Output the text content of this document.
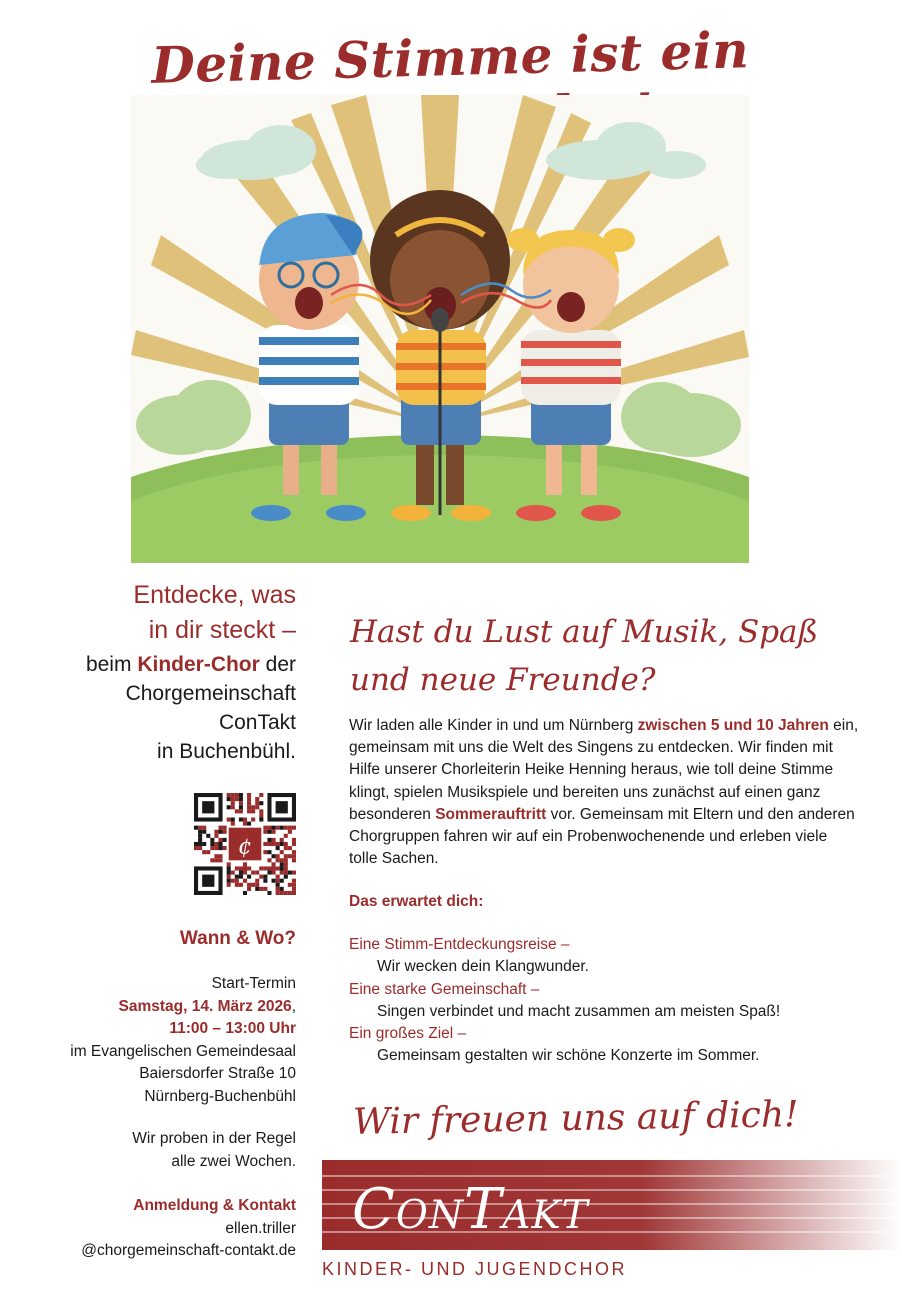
Deine Stimme ist ein
Entdecke, was
in dir steckt –
beim Kinder-Chor der
Chorgemeinschaft
ConTakt
in Buchenbühl.
¢
Wann & Wo?
Start-Termin
Samstag, 14. März 2026,
11:00 – 13:00 Uhr
im Evangelischen Gemeindesaal
Baiersdorfer Straße 10
Nürnberg-Buchenbühl
Wir proben in der Regel
alle zwei Wochen.
Anmeldung & Kontakt
ellen.triller
@chorgemeinschaft-contakt.de
Hast du Lust auf Musik, Spaß
und neue Freunde?
Wir laden alle Kinder in und um Nürnberg zwischen 5 und 10 Jahren ein, gemeinsam mit uns die Welt des Singens zu entdecken. Wir finden mit Hilfe unserer Chorleiterin Heike Henning heraus, wie toll deine Stimme klingt, spielen Musikspiele und bereiten uns zunächst auf einen ganz besonderen Sommerauftritt vor. Gemeinsam mit Eltern und den anderen Chorgruppen fahren wir auf ein Probenwochenende und erleben viele tolle Sachen.
Das erwartet dich:
Eine Stimm-Entdeckungsreise –
Wir wecken dein Klangwunder.
Eine starke Gemeinschaft –
Singen verbindet und macht zusammen am meisten Spaß!
Ein großes Ziel –
Gemeinsam gestalten wir schöne Konzerte im Sommer.
Wir freuen uns auf dich!
ConTakt
KINDER- UND JUGENDCHOR
